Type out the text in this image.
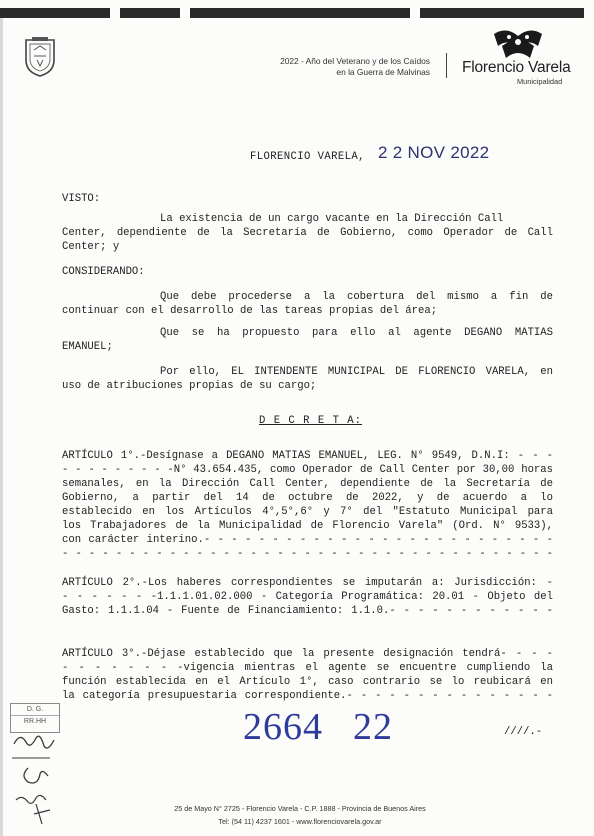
2022 - Año del Veterano y de los Caídos
en la Guerra de Malvinas Florencio Varela
Municipalidad
FLORENCIO VARELA, 2 2 NOV 2022
VISTO:
La existencia de un cargo vacante en la Dirección Call
Center, dependiente de la Secretaría de Gobierno, como Operador de Call
Center; y
CONSIDERANDO:
Que debe procederse a la cobertura del mismo a fin de
continuar con el desarrollo de las tareas propias del área;
Que se ha propuesto para ello al agente DEGANO MATIAS
EMANUEL;
Por ello, EL INTENDENTE MUNICIPAL DE FLORENCIO VARELA, en
uso de atribuciones propias de su cargo;
D E C R E T A:
ARTÍCULO 1°.-Desígnase a DEGANO MATIAS EMANUEL, LEG. N° 9549, D.N.I: - - -
- - - - - - - - -N° 43.654.435, como Operador de Call Center por 30,00 horas
semanales, en la Dirección Call Center, dependiente de la Secretaría de
Gobierno, a partir del 14 de octubre de 2022, y de acuerdo a lo
establecido en los Artículos 4°,5°,6° y 7° del "Estatuto Municipal para
los Trabajadores de la Municipalidad de Florencio Varela" (Ord. N° 9533),
con carácter interino.- - - - - - - - - - - - - - - - - - - - - - - - - -
- - - - - - - - - - - - - - - - - - - - - - - - - - - - - - - - - - - - -
ARTÍCULO 2°.-Los haberes correspondientes se imputarán a: Jurisdicción: -
- - - - - - -1.1.1.01.02.000 - Categoría Programática: 20.01 - Objeto del
Gasto: 1.1.1.04 - Fuente de Financiamiento: 1.1.0.- - - - - - - - - - - -
ARTÍCULO 3°.-Déjase establecido que la presente designación tendrá- - - -
- - - - - - - -vigencia mientras el agente se encuentre cumpliendo la
función establecida en el Artículo 1°, caso contrario se lo reubicará en
la categoría presupuestaria correspondiente.- - - - - - - - - - - - - - -
D. G.
RR.HH	2664 22	////.-
25 de Mayo N° 2725 - Florencio Varela - C.P. 1888 - Provincia de Buenos Aires
Tel: (54 11) 4237 1601 - www.florenciovarela.gov.ar
